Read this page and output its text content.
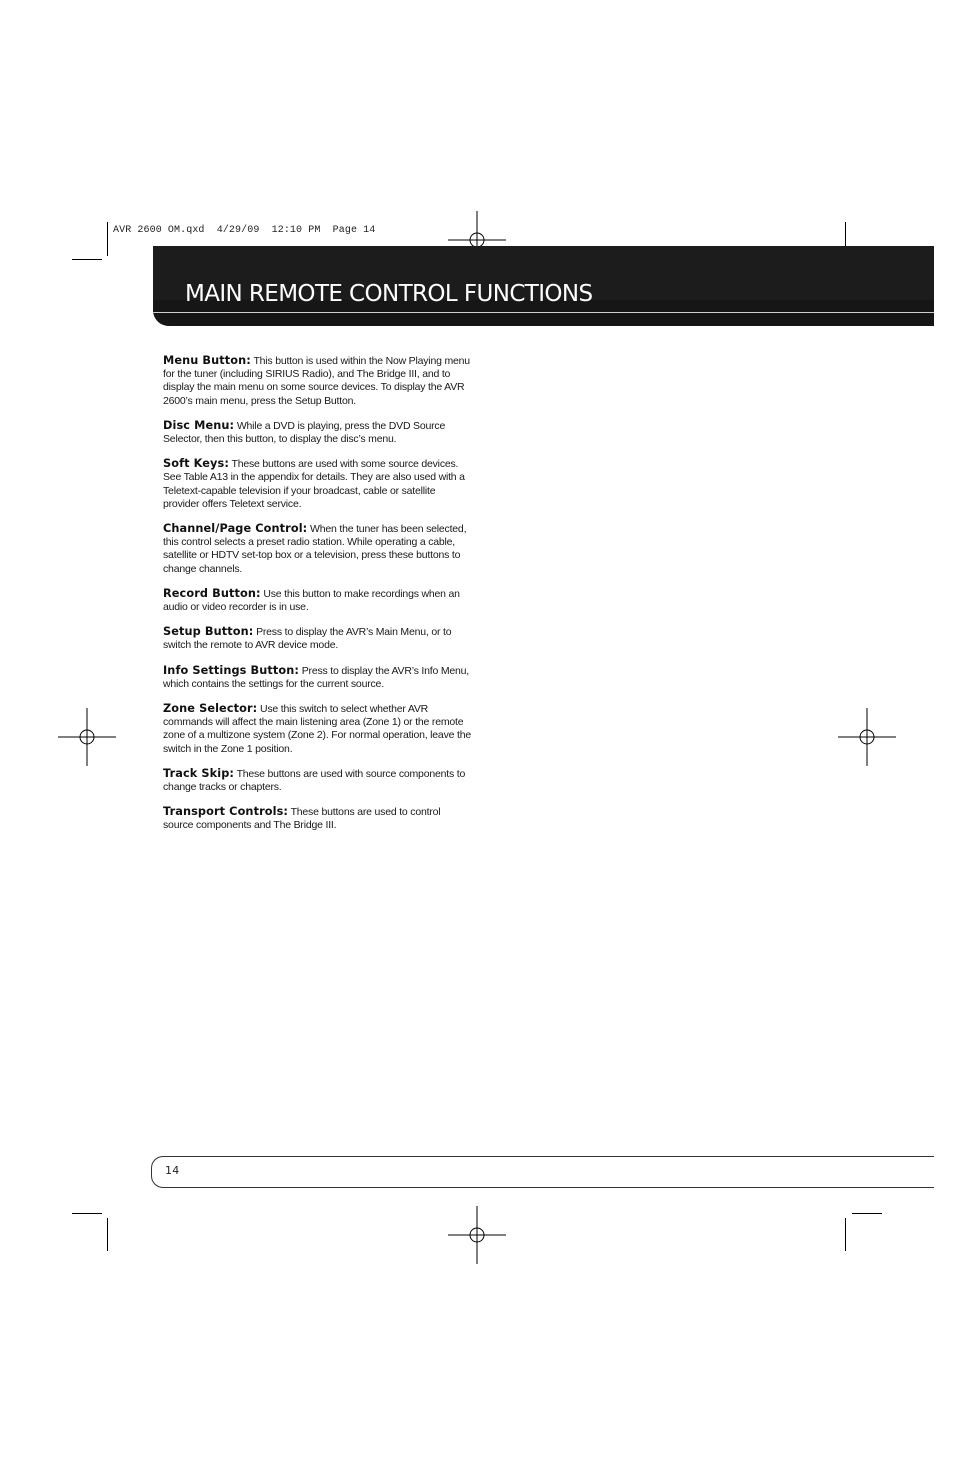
AVR 2600 OM.qxd  4/29/09  12:10 PM  Page 14
MAIN REMOTE CONTROL FUNCTIONS

Menu Button: This button is used within the Now Playing menu for the tuner (including SIRIUS Radio), and The Bridge III, and to display the main menu on some source devices. To display the AVR 2600’s main menu, press the Setup Button.

Disc Menu: While a DVD is playing, press the DVD Source Selector, then this button, to display the disc’s menu.

Soft Keys: These buttons are used with some source devices. See Table A13 in the appendix for details. They are also used with a Teletext-capable television if your broadcast, cable or satellite provider offers Teletext service.

Channel/Page Control: When the tuner has been selected, this control selects a preset radio station. While operating a cable, satellite or HDTV set-top box or a television, press these buttons to change channels.

Record Button: Use this button to make recordings when an audio or video recorder is in use.

Setup Button: Press to display the AVR’s Main Menu, or to switch the remote to AVR device mode.

Info Settings Button: Press to display the AVR’s Info Menu, which contains the settings for the current source.

Zone Selector: Use this switch to select whether AVR commands will affect the main listening area (Zone 1) or the remote zone of a multizone system (Zone 2). For normal operation, leave the switch in the Zone 1 position.

Track Skip: These buttons are used with source components to change tracks or chapters.

Transport Controls: These buttons are used to control source components and The Bridge III.

14
